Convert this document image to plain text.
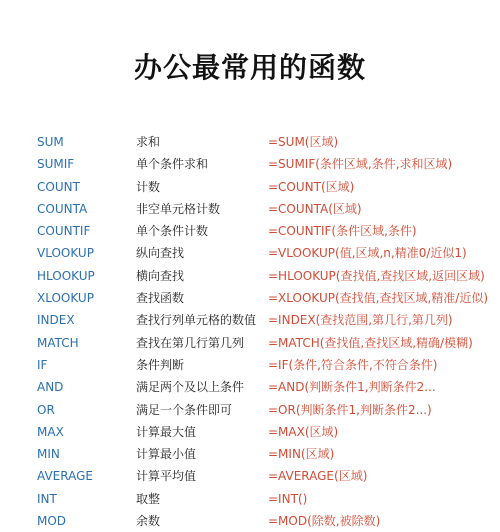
办公最常用的函数
SUM	求和	=SUM(区域)
SUMIF	单个条件求和	=SUMIF(条件区域,条件,求和区域)
COUNT	计数	=COUNT(区域)
COUNTA	非空单元格计数	=COUNTA(区域)
COUNTIF	单个条件计数	=COUNTIF(条件区域,条件)
VLOOKUP	纵向查找	=VLOOKUP(值,区域,n,精准0/近似1)
HLOOKUP	横向查找	=HLOOKUP(查找值,查找区域,返回区域)
XLOOKUP	查找函数	=XLOOKUP(查找值,查找区域,精准/近似)
INDEX	查找行列单元格的数值 =INDEX(查找范围,第几行,第几列)
MATCH	查找在第几行第几列 =MATCH(查找值,查找区域,精确/模糊)
IF	条件判断	=IF(条件,符合条件,不符合条件)
AND	满足两个及以上条件 =AND(判断条件1,判断条件2...
OR	满足一个条件即可	=OR(判断条件1,判断条件2...)
MAX	计算最大值	=MAX(区域)
MIN	计算最小值	=MIN(区域)
AVERAGE	计算平均值	=AVERAGE(区域)
INT	取整	=INT()
MOD	余数	=MOD(除数,被除数)
